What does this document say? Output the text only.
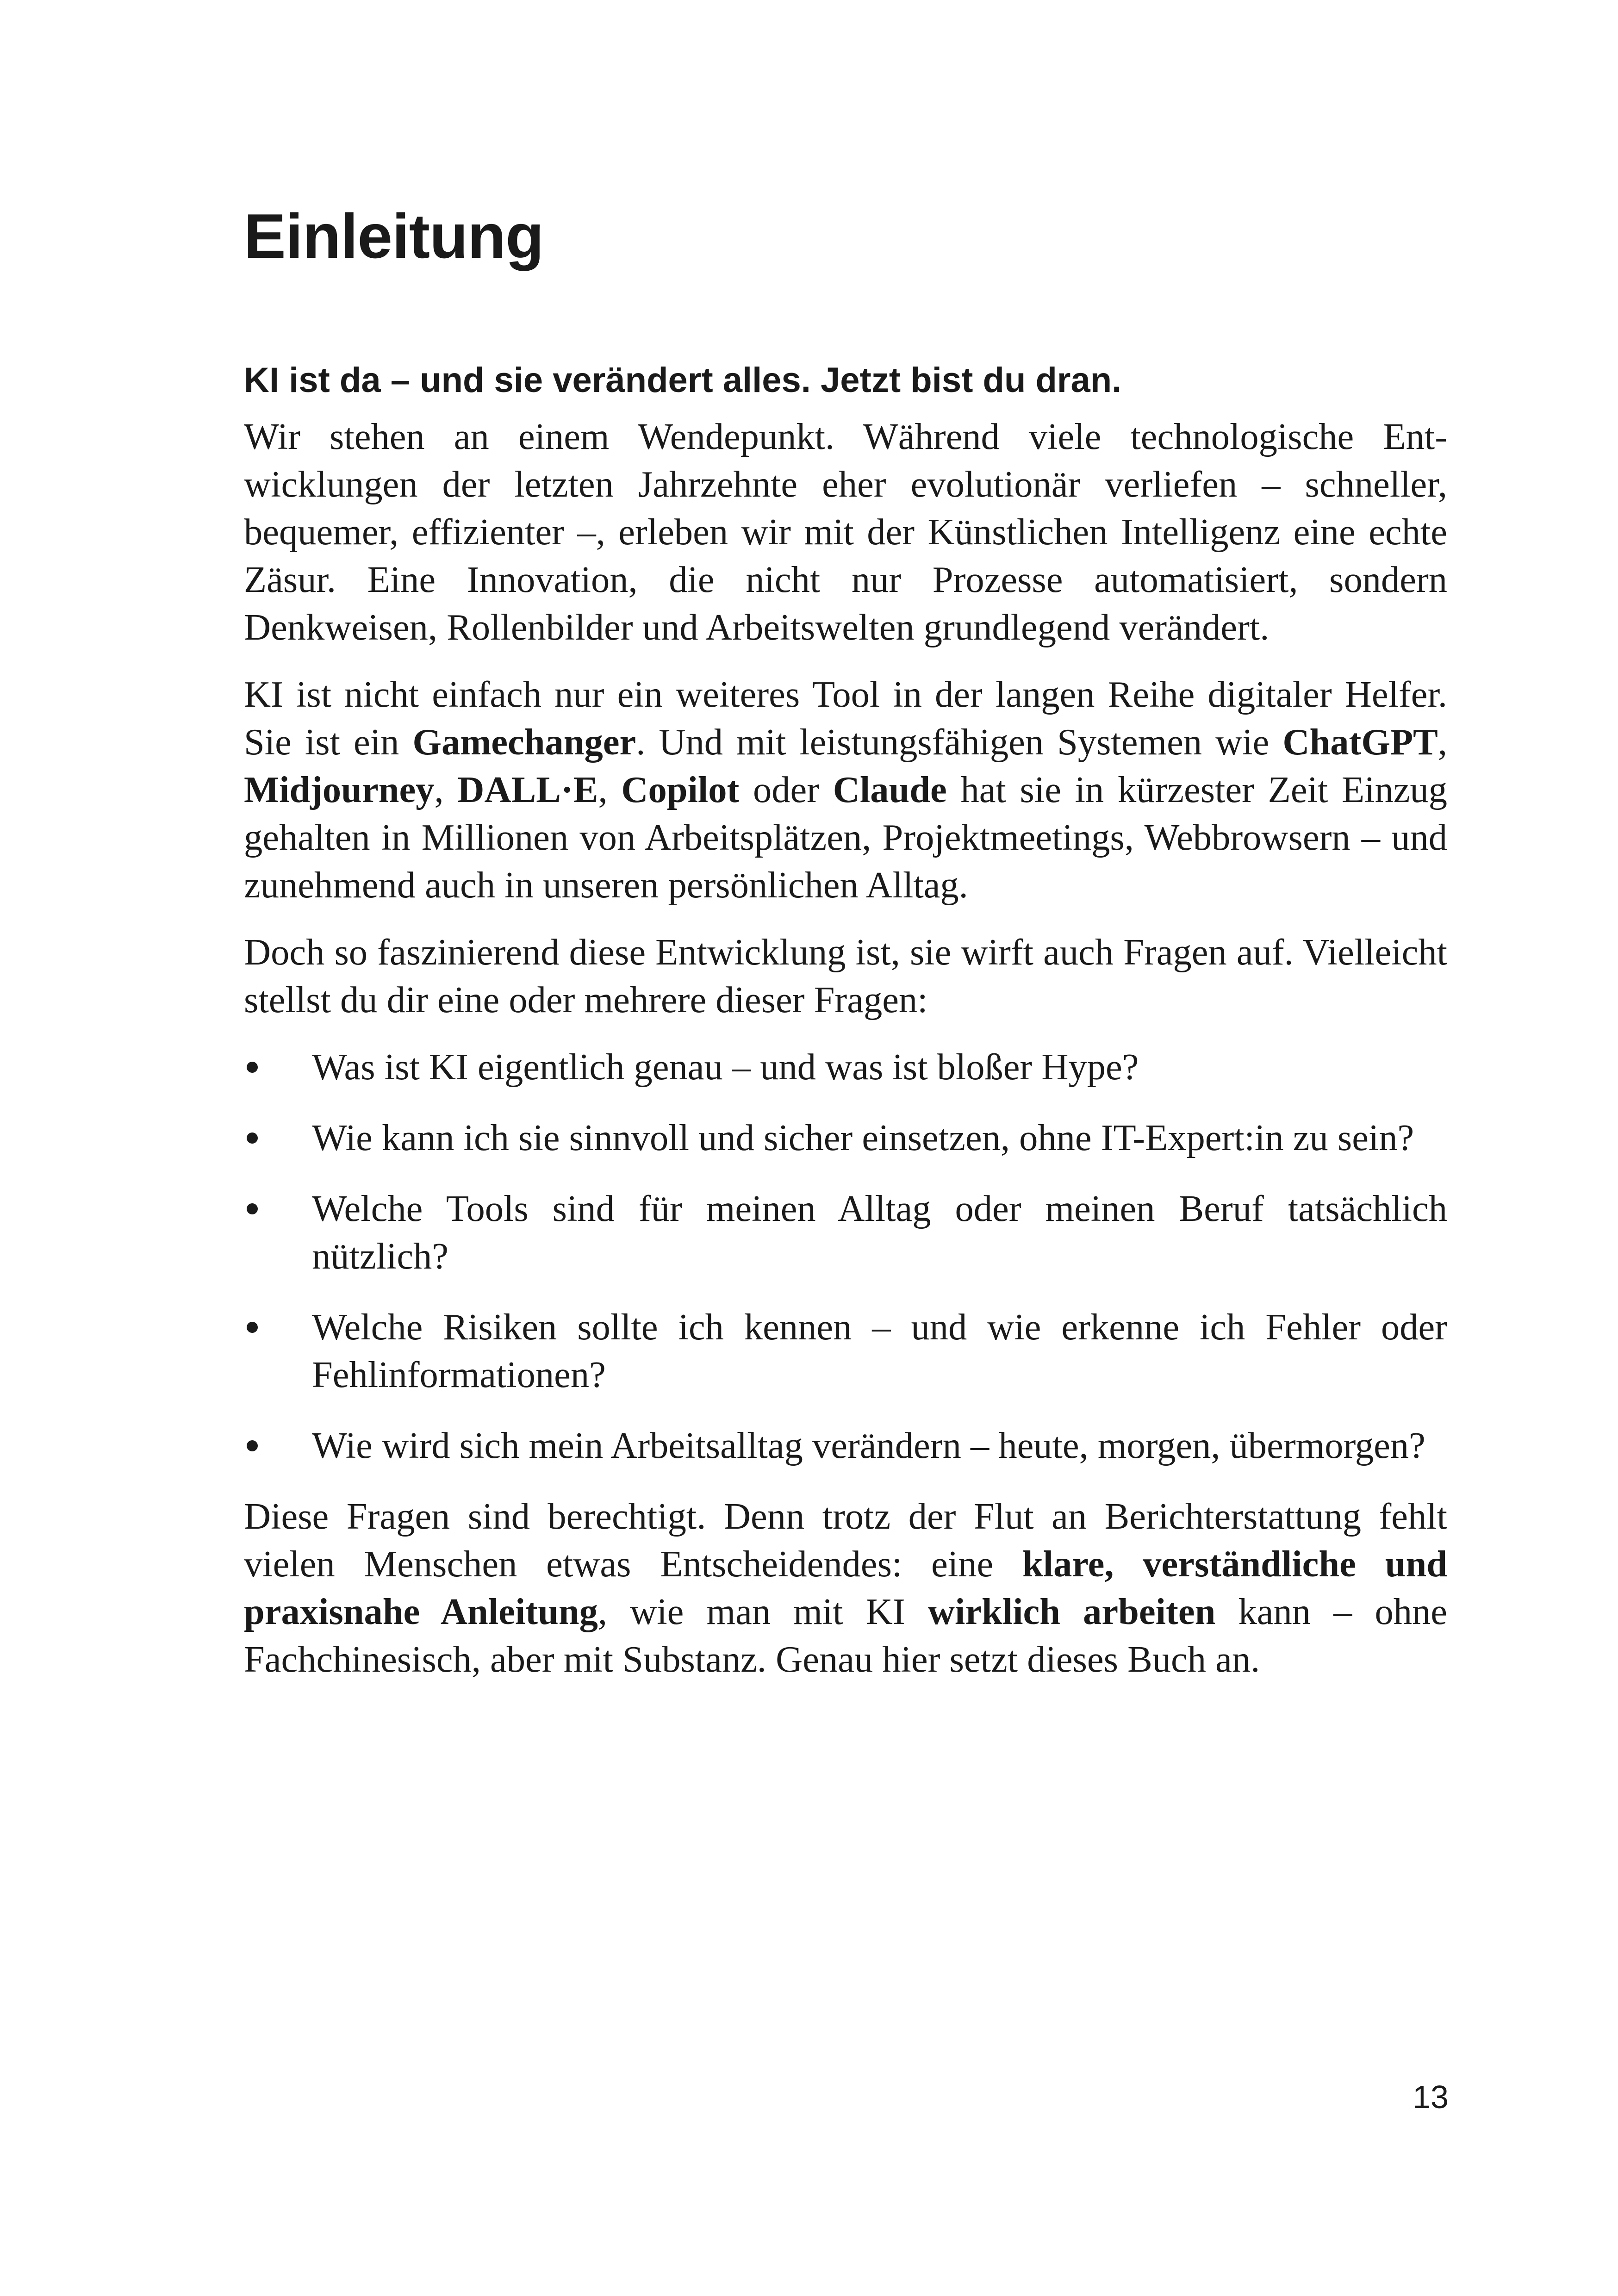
Einleitung
KI ist da – und sie verändert alles. Jetzt bist du dran.

Wir stehen an einem Wendepunkt. Während viele technologische Entwicklungen der letzten Jahrzehnte eher evolutionär verliefen – schneller, bequemer, effizienter –, erleben wir mit der Künstlichen Intelligenz eine echte Zäsur. Eine Innovation, die nicht nur Prozesse automatisiert, sondern Denkweisen, Rollenbilder und Arbeitswelten grundlegend verändert.

KI ist nicht einfach nur ein weiteres Tool in der langen Reihe digitaler Helfer. Sie ist ein Gamechanger. Und mit leistungsfähigen Systemen wie ChatGPT, Midjourney, DALL·E, Copilot oder Claude hat sie in kürzester Zeit Einzug gehalten in Millionen von Arbeitsplätzen, Projektmeetings, Webbrowsern – und zunehmend auch in unseren persönlichen Alltag.

Doch so faszinierend diese Entwicklung ist, sie wirft auch Fragen auf. Vielleicht stellst du dir eine oder mehrere dieser Fragen:

Was ist KI eigentlich genau – und was ist bloßer Hype?
Wie kann ich sie sinnvoll und sicher einsetzen, ohne IT-Expert:in zu sein?
Welche Tools sind für meinen Alltag oder meinen Beruf tatsächlich nützlich?
Welche Risiken sollte ich kennen – und wie erkenne ich Fehler oder Fehlinformationen?
Wie wird sich mein Arbeitsalltag verändern – heute, morgen, übermorgen?

Diese Fragen sind berechtigt. Denn trotz der Flut an Berichterstattung fehlt vielen Menschen etwas Entscheidendes: eine klare, verständliche und praxisnahe Anleitung, wie man mit KI wirklich arbeiten kann – ohne Fachchinesisch, aber mit Substanz. Genau hier setzt dieses Buch an.

13
